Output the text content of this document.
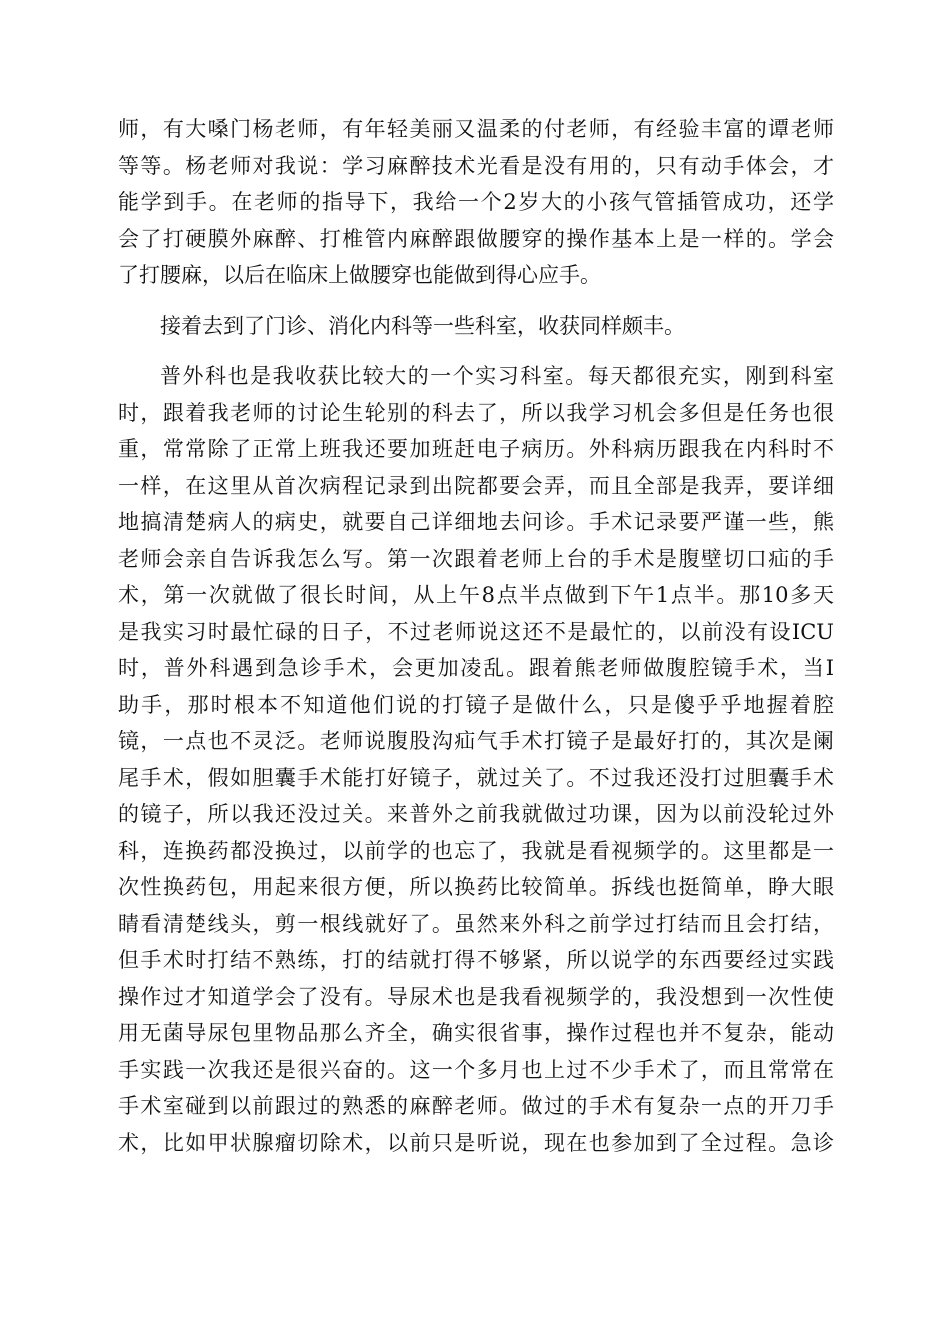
师，有大嗓门杨老师，有年轻美丽又温柔的付老师，有经验丰富的谭老师
等等。杨老师对我说：学习麻醉技术光看是没有用的，只有动手体会，才
能学到手。在老师的指导下，我给一个2岁大的小孩气管插管成功，还学
会了打硬膜外麻醉、打椎管内麻醉跟做腰穿的操作基本上是一样的。学会
了打腰麻，以后在临床上做腰穿也能做到得心应手。
接着去到了门诊、消化内科等一些科室，收获同样颇丰。
普外科也是我收获比较大的一个实习科室。每天都很充实，刚到科室
时，跟着我老师的讨论生轮别的科去了，所以我学习机会多但是任务也很
重，常常除了正常上班我还要加班赶电子病历。外科病历跟我在内科时不
一样，在这里从首次病程记录到出院都要会弄，而且全部是我弄，要详细
地搞清楚病人的病史，就要自己详细地去问诊。手术记录要严谨一些，熊
老师会亲自告诉我怎么写。第一次跟着老师上台的手术是腹壁切口疝的手
术，第一次就做了很长时间，从上午8点半点做到下午1点半。那10多天
是我实习时最忙碌的日子，不过老师说这还不是最忙的，以前没有设ICU
时，普外科遇到急诊手术，会更加凌乱。跟着熊老师做腹腔镜手术，当I
助手，那时根本不知道他们说的打镜子是做什么，只是傻乎乎地握着腔
镜，一点也不灵泛。老师说腹股沟疝气手术打镜子是最好打的，其次是阑
尾手术，假如胆囊手术能打好镜子，就过关了。不过我还没打过胆囊手术
的镜子，所以我还没过关。来普外之前我就做过功课，因为以前没轮过外
科，连换药都没换过，以前学的也忘了，我就是看视频学的。这里都是一
次性换药包，用起来很方便，所以换药比较简单。拆线也挺简单，睁大眼
睛看清楚线头，剪一根线就好了。虽然来外科之前学过打结而且会打结，
但手术时打结不熟练，打的结就打得不够紧，所以说学的东西要经过实践
操作过才知道学会了没有。导尿术也是我看视频学的，我没想到一次性使
用无菌导尿包里物品那么齐全，确实很省事，操作过程也并不复杂，能动
手实践一次我还是很兴奋的。这一个多月也上过不少手术了，而且常常在
手术室碰到以前跟过的熟悉的麻醉老师。做过的手术有复杂一点的开刀手
术，比如甲状腺瘤切除术，以前只是听说，现在也参加到了全过程。急诊
